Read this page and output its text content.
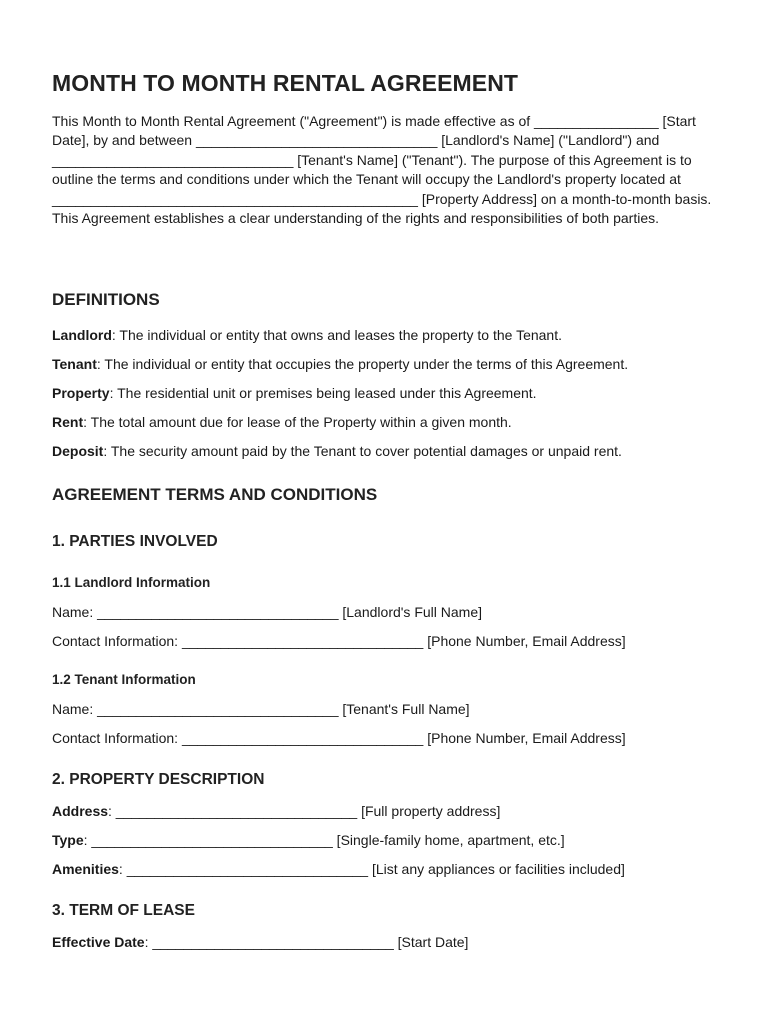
MONTH TO MONTH RENTAL AGREEMENT

This Month to Month Rental Agreement ("Agreement") is made effective as of ________________ [Start Date], by and between _______________________________ [Landlord's Name] ("Landlord") and _______________________________ [Tenant's Name] ("Tenant"). The purpose of this Agreement is to outline the terms and conditions under which the Tenant will occupy the Landlord's property located at _______________________________________________ [Property Address] on a month-to-month basis. This Agreement establishes a clear understanding of the rights and responsibilities of both parties.

DEFINITIONS

Landlord: The individual or entity that owns and leases the property to the Tenant.

Tenant: The individual or entity that occupies the property under the terms of this Agreement.

Property: The residential unit or premises being leased under this Agreement.

Rent: The total amount due for lease of the Property within a given month.

Deposit: The security amount paid by the Tenant to cover potential damages or unpaid rent.

AGREEMENT TERMS AND CONDITIONS
1. PARTIES INVOLVED
1.1 Landlord Information

Name: _______________________________ [Landlord's Full Name]

Contact Information: _______________________________ [Phone Number, Email Address]

1.2 Tenant Information

Name: _______________________________ [Tenant's Full Name]

Contact Information: _______________________________ [Phone Number, Email Address]

2. PROPERTY DESCRIPTION

Address: _______________________________ [Full property address]

Type: _______________________________ [Single-family home, apartment, etc.]

Amenities: _______________________________ [List any appliances or facilities included]

3. TERM OF LEASE

Effective Date: _______________________________ [Start Date]
